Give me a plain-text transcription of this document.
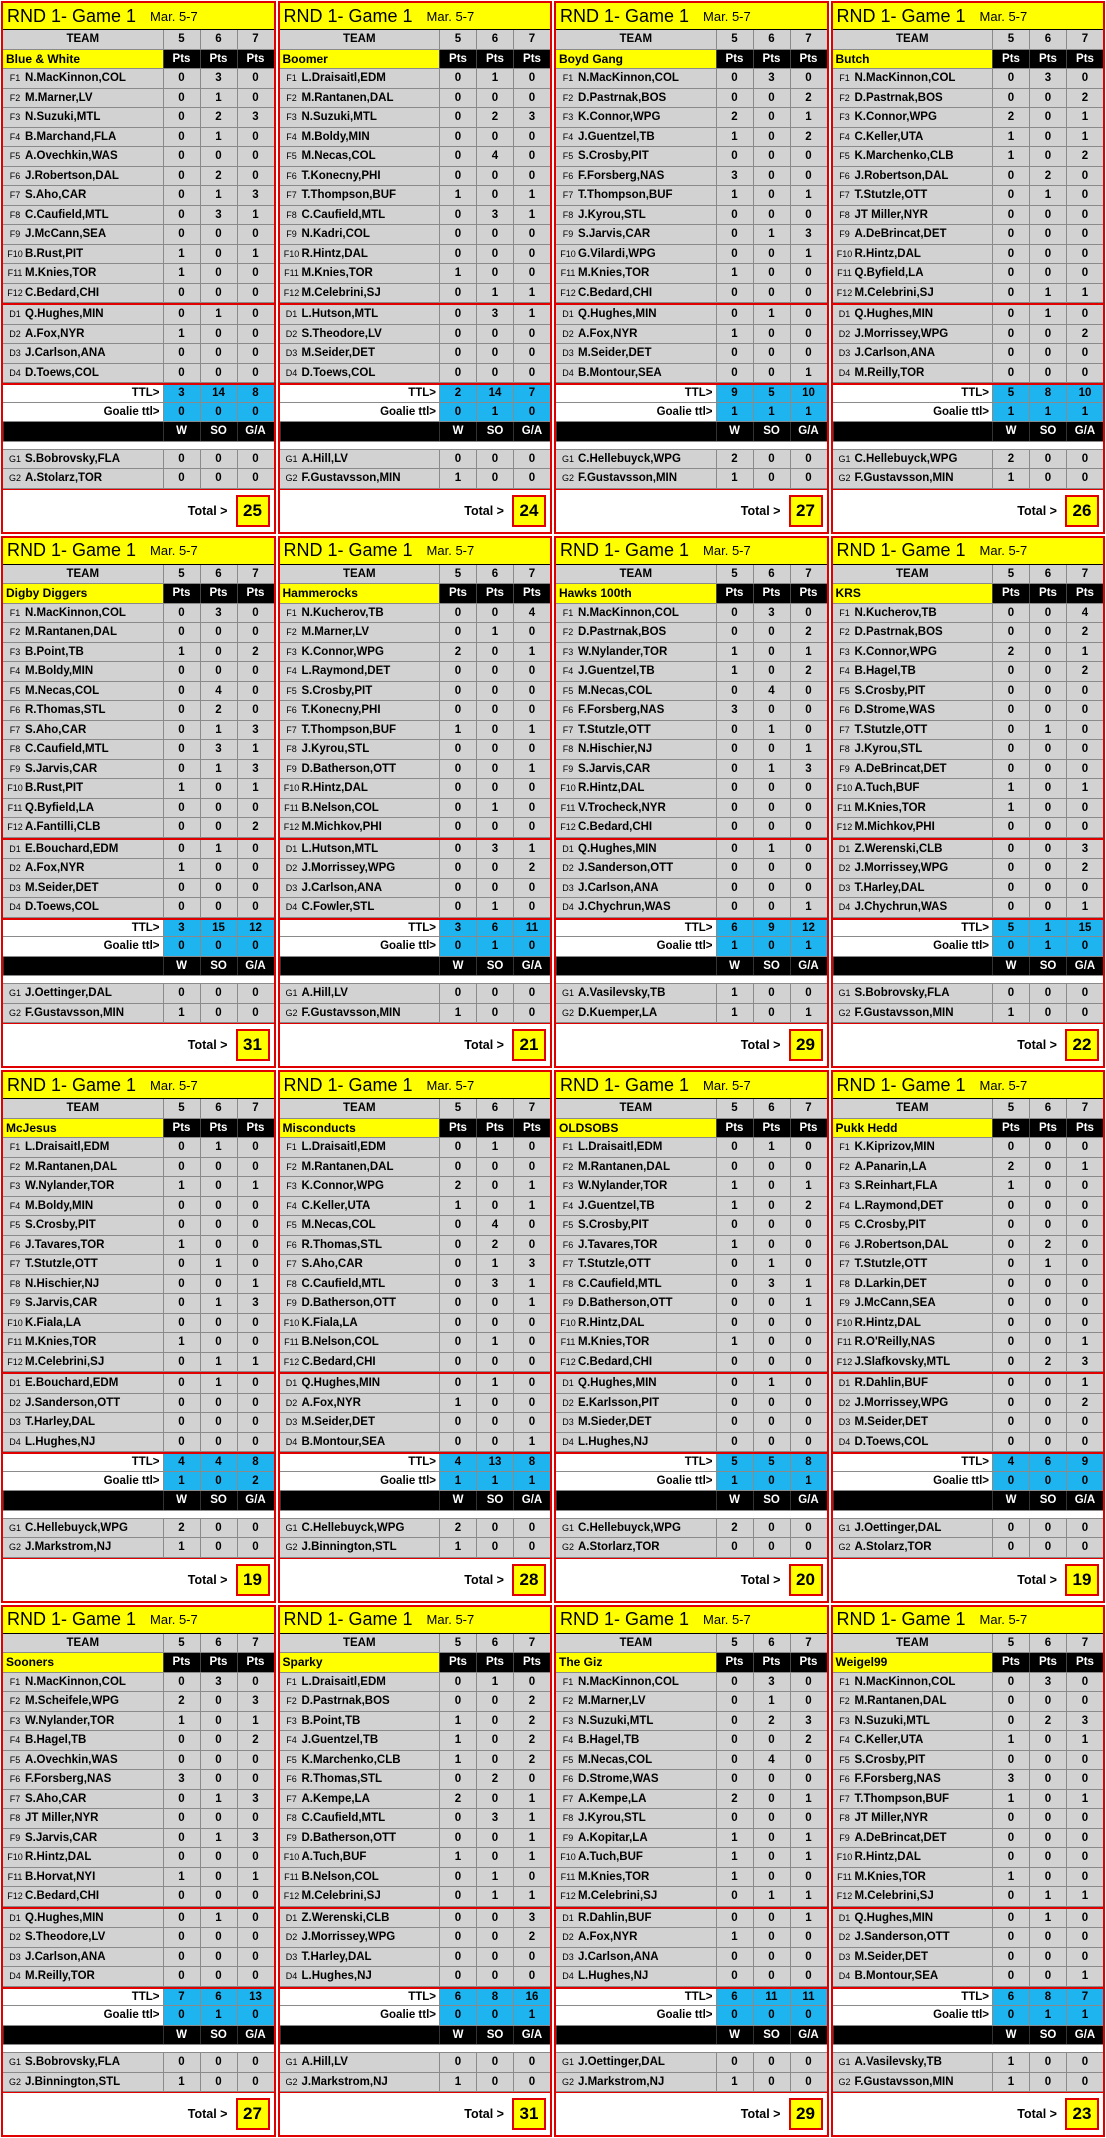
RND 1- Game 1 Mar. 5-7
TEAM	5	6	7
Blue & White	Pts	Pts	Pts
F1 N.MacKinnon,COL	0	3	0
F2 M.Marner,LV	0	1	0
F3 N.Suzuki,MTL	0	2	3
F4 B.Marchand,FLA	0	1	0
F5 A.Ovechkin,WAS	0	0	0
F6 J.Robertson,DAL	0	2	0
F7 S.Aho,CAR	0	1	3
F8 C.Caufield,MTL	0	3	1
F9 J.McCann,SEA	0	0	0
F10 B.Rust,PIT	1	0	1
F11 M.Knies,TOR	1	0	0
F12 C.Bedard,CHI	0	0	0
D1 Q.Hughes,MIN	0	1	0
D2 A.Fox,NYR	1	0	0
D3 J.Carlson,ANA	0	0	0
D4 D.Toews,COL	0	0	0
TTL>	3	14	8
Goalie ttl>	0	0	0
W	SO	G/A
G1 S.Bobrovsky,FLA	0	0	0
G2 A.Stolarz,TOR	0	0	0
Total > 25
RND 1- Game 1 Mar. 5-7
TEAM	5	6	7
Boomer	Pts	Pts	Pts
F1 L.Draisaitl,EDM	0	1	0
F2 M.Rantanen,DAL	0	0	0
F3 N.Suzuki,MTL	0	2	3
F4 M.Boldy,MIN	0	0	0
F5 M.Necas,COL	0	4	0
F6 T.Konecny,PHI	0	0	0
F7 T.Thompson,BUF	1	0	1
F8 C.Caufield,MTL	0	3	1
F9 N.Kadri,COL	0	0	0
F10 R.Hintz,DAL	0	0	0
F11 M.Knies,TOR	1	0	0
F12 M.Celebrini,SJ	0	1	1
D1 L.Hutson,MTL	0	3	1
D2 S.Theodore,LV	0	0	0
D3 M.Seider,DET	0	0	0
D4 D.Toews,COL	0	0	0
TTL>	2	14	7
Goalie ttl>	0	1	0
W	SO	G/A
G1 A.Hill,LV	0	0	0
G2 F.Gustavsson,MIN	1	0	0
Total > 24
RND 1- Game 1 Mar. 5-7
TEAM	5	6	7
Boyd Gang	Pts	Pts	Pts
F1 N.MacKinnon,COL	0	3	0
F2 D.Pastrnak,BOS	0	0	2
F3 K.Connor,WPG	2	0	1
F4 J.Guentzel,TB	1	0	2
F5 S.Crosby,PIT	0	0	0
F6 F.Forsberg,NAS	3	0	0
F7 T.Thompson,BUF	1	0	1
F8 J.Kyrou,STL	0	0	0
F9 S.Jarvis,CAR	0	1	3
F10 G.Vilardi,WPG	0	0	1
F11 M.Knies,TOR	1	0	0
F12 C.Bedard,CHI	0	0	0
D1 Q.Hughes,MIN	0	1	0
D2 A.Fox,NYR	1	0	0
D3 M.Seider,DET	0	0	0
D4 B.Montour,SEA	0	0	1
TTL>	9	5	10
Goalie ttl>	1	1	1
W	SO	G/A
G1 C.Hellebuyck,WPG	2	0	0
G2 F.Gustavsson,MIN	1	0	0
Total > 27
RND 1- Game 1 Mar. 5-7
TEAM	5	6	7
Butch	Pts	Pts	Pts
F1 N.MacKinnon,COL	0	3	0
F2 D.Pastrnak,BOS	0	0	2
F3 K.Connor,WPG	2	0	1
F4 C.Keller,UTA	1	0	1
F5 K.Marchenko,CLB	1	0	2
F6 J.Robertson,DAL	0	2	0
F7 T.Stutzle,OTT	0	1	0
F8 JT Miller,NYR	0	0	0
F9 A.DeBrincat,DET	0	0	0
F10 R.Hintz,DAL	0	0	0
F11 Q.Byfield,LA	0	0	0
F12 M.Celebrini,SJ	0	1	1
D1 Q.Hughes,MIN	0	1	0
D2 J.Morrissey,WPG	0	0	2
D3 J.Carlson,ANA	0	0	0
D4 M.Reilly,TOR	0	0	0
TTL>	5	8	10
Goalie ttl>	1	1	1
W	SO	G/A
G1 C.Hellebuyck,WPG	2	0	0
G2 F.Gustavsson,MIN	1	0	0
Total > 26
RND 1- Game 1 Mar. 5-7
TEAM	5	6	7
Digby Diggers	Pts	Pts	Pts
F1 N.MacKinnon,COL	0	3	0
F2 M.Rantanen,DAL	0	0	0
F3 B.Point,TB	1	0	2
F4 M.Boldy,MIN	0	0	0
F5 M.Necas,COL	0	4	0
F6 R.Thomas,STL	0	2	0
F7 S.Aho,CAR	0	1	3
F8 C.Caufield,MTL	0	3	1
F9 S.Jarvis,CAR	0	1	3
F10 B.Rust,PIT	1	0	1
F11 Q.Byfield,LA	0	0	0
F12 A.Fantilli,CLB	0	0	2
D1 E.Bouchard,EDM	0	1	0
D2 A.Fox,NYR	1	0	0
D3 M.Seider,DET	0	0	0
D4 D.Toews,COL	0	0	0
TTL>	3	15	12
Goalie ttl>	0	0	0
W	SO	G/A
G1 J.Oettinger,DAL	0	0	0
G2 F.Gustavsson,MIN	1	0	0
Total > 31
RND 1- Game 1 Mar. 5-7
TEAM	5	6	7
Hammerocks	Pts	Pts	Pts
F1 N.Kucherov,TB	0	0	4
F2 M.Marner,LV	0	1	0
F3 K.Connor,WPG	2	0	1
F4 L.Raymond,DET	0	0	0
F5 S.Crosby,PIT	0	0	0
F6 T.Konecny,PHI	0	0	0
F7 T.Thompson,BUF	1	0	1
F8 J.Kyrou,STL	0	0	0
F9 D.Batherson,OTT	0	0	1
F10 R.Hintz,DAL	0	0	0
F11 B.Nelson,COL	0	1	0
F12 M.Michkov,PHI	0	0	0
D1 L.Hutson,MTL	0	3	1
D2 J.Morrissey,WPG	0	0	2
D3 J.Carlson,ANA	0	0	0
D4 C.Fowler,STL	0	1	0
TTL>	3	6	11
Goalie ttl>	0	1	0
W	SO	G/A
G1 A.Hill,LV	0	0	0
G2 F.Gustavsson,MIN	1	0	0
Total > 21
RND 1- Game 1 Mar. 5-7
TEAM	5	6	7
Hawks 100th	Pts	Pts	Pts
F1 N.MacKinnon,COL	0	3	0
F2 D.Pastrnak,BOS	0	0	2
F3 W.Nylander,TOR	1	0	1
F4 J.Guentzel,TB	1	0	2
F5 M.Necas,COL	0	4	0
F6 F.Forsberg,NAS	3	0	0
F7 T.Stutzle,OTT	0	1	0
F8 N.Hischier,NJ	0	0	1
F9 S.Jarvis,CAR	0	1	3
F10 R.Hintz,DAL	0	0	0
F11 V.Trocheck,NYR	0	0	0
F12 C.Bedard,CHI	0	0	0
D1 Q.Hughes,MIN	0	1	0
D2 J.Sanderson,OTT	0	0	0
D3 J.Carlson,ANA	0	0	0
D4 J.Chychrun,WAS	0	0	1
TTL>	6	9	12
Goalie ttl>	1	0	1
W	SO	G/A
G1 A.Vasilevsky,TB	1	0	0
G2 D.Kuemper,LA	1	0	1
Total > 29
RND 1- Game 1 Mar. 5-7
TEAM	5	6	7
KRS	Pts	Pts	Pts
F1 N.Kucherov,TB	0	0	4
F2 D.Pastrnak,BOS	0	0	2
F3 K.Connor,WPG	2	0	1
F4 B.Hagel,TB	0	0	2
F5 S.Crosby,PIT	0	0	0
F6 D.Strome,WAS	0	0	0
F7 T.Stutzle,OTT	0	1	0
F8 J.Kyrou,STL	0	0	0
F9 A.DeBrincat,DET	0	0	0
F10 A.Tuch,BUF	1	0	1
F11 M.Knies,TOR	1	0	0
F12 M.Michkov,PHI	0	0	0
D1 Z.Werenski,CLB	0	0	3
D2 J.Morrissey,WPG	0	0	2
D3 T.Harley,DAL	0	0	0
D4 J.Chychrun,WAS	0	0	1
TTL>	5	1	15
Goalie ttl>	0	1	0
W	SO	G/A
G1 S.Bobrovsky,FLA	0	0	0
G2 F.Gustavsson,MIN	1	0	0
Total > 22
RND 1- Game 1 Mar. 5-7
TEAM	5	6	7
McJesus	Pts	Pts	Pts
F1 L.Draisaitl,EDM	0	1	0
F2 M.Rantanen,DAL	0	0	0
F3 W.Nylander,TOR	1	0	1
F4 M.Boldy,MIN	0	0	0
F5 S.Crosby,PIT	0	0	0
F6 J.Tavares,TOR	1	0	0
F7 T.Stutzle,OTT	0	1	0
F8 N.Hischier,NJ	0	0	1
F9 S.Jarvis,CAR	0	1	3
F10 K.Fiala,LA	0	0	0
F11 M.Knies,TOR	1	0	0
F12 M.Celebrini,SJ	0	1	1
D1 E.Bouchard,EDM	0	1	0
D2 J.Sanderson,OTT	0	0	0
D3 T.Harley,DAL	0	0	0
D4 L.Hughes,NJ	0	0	0
TTL>	4	4	8
Goalie ttl>	1	0	2
W	SO	G/A
G1 C.Hellebuyck,WPG	2	0	0
G2 J.Markstrom,NJ	1	0	0
Total > 19
RND 1- Game 1 Mar. 5-7
TEAM	5	6	7
Misconducts	Pts	Pts	Pts
F1 L.Draisaitl,EDM	0	1	0
F2 M.Rantanen,DAL	0	0	0
F3 K.Connor,WPG	2	0	1
F4 C.Keller,UTA	1	0	1
F5 M.Necas,COL	0	4	0
F6 R.Thomas,STL	0	2	0
F7 S.Aho,CAR	0	1	3
F8 C.Caufield,MTL	0	3	1
F9 D.Batherson,OTT	0	0	1
F10 K.Fiala,LA	0	0	0
F11 B.Nelson,COL	0	1	0
F12 C.Bedard,CHI	0	0	0
D1 Q.Hughes,MIN	0	1	0
D2 A.Fox,NYR	1	0	0
D3 M.Seider,DET	0	0	0
D4 B.Montour,SEA	0	0	1
TTL>	4	13	8
Goalie ttl>	1	1	1
W	SO	G/A
G1 C.Hellebuyck,WPG	2	0	0
G2 J.Binnington,STL	1	0	0
Total > 28
RND 1- Game 1 Mar. 5-7
TEAM	5	6	7
OLDSOBS	Pts	Pts	Pts
F1 L.Draisaitl,EDM	0	1	0
F2 M.Rantanen,DAL	0	0	0
F3 W.Nylander,TOR	1	0	1
F4 J.Guentzel,TB	1	0	2
F5 S.Crosby,PIT	0	0	0
F6 J.Tavares,TOR	1	0	0
F7 T.Stutzle,OTT	0	1	0
F8 C.Caufield,MTL	0	3	1
F9 D.Batherson,OTT	0	0	1
F10 R.Hintz,DAL	0	0	0
F11 M.Knies,TOR	1	0	0
F12 C.Bedard,CHI	0	0	0
D1 Q.Hughes,MIN	0	1	0
D2 E.Karlsson,PIT	0	0	0
D3 M.Sieder,DET	0	0	0
D4 L.Hughes,NJ	0	0	0
TTL>	5	5	8
Goalie ttl>	1	0	1
W	SO	G/A
G1 C.Hellebuyck,WPG	2	0	0
G2 A.Storlarz,TOR	0	0	0
Total > 20
RND 1- Game 1 Mar. 5-7
TEAM	5	6	7
Pukk Hedd	Pts	Pts	Pts
F1 K.Kiprizov,MIN	0	0	0
F2 A.Panarin,LA	2	0	1
F3 S.Reinhart,FLA	1	0	0
F4 L.Raymond,DET	0	0	0
F5 C.Crosby,PIT	0	0	0
F6 J.Robertson,DAL	0	2	0
F7 T.Stutzle,OTT	0	1	0
F8 D.Larkin,DET	0	0	0
F9 J.McCann,SEA	0	0	0
F10 R.Hintz,DAL	0	0	0
F11 R.O'Reilly,NAS	0	0	1
F12 J.Slafkovsky,MTL	0	2	3
D1 R.Dahlin,BUF	0	0	1
D2 J.Morrissey,WPG	0	0	2
D3 M.Seider,DET	0	0	0
D4 D.Toews,COL	0	0	0
TTL>	4	6	9
Goalie ttl>	0	0	0
W	SO	G/A
G1 J.Oettinger,DAL	0	0	0
G2 A.Stolarz,TOR	0	0	0
Total > 19
RND 1- Game 1 Mar. 5-7
TEAM	5	6	7
Sooners	Pts	Pts	Pts
F1 N.MacKinnon,COL	0	3	0
F2 M.Scheifele,WPG	2	0	3
F3 W.Nylander,TOR	1	0	1
F4 B.Hagel,TB	0	0	2
F5 A.Ovechkin,WAS	0	0	0
F6 F.Forsberg,NAS	3	0	0
F7 S.Aho,CAR	0	1	3
F8 JT Miller,NYR	0	0	0
F9 S.Jarvis,CAR	0	1	3
F10 R.Hintz,DAL	0	0	0
F11 B.Horvat,NYI	1	0	1
F12 C.Bedard,CHI	0	0	0
D1 Q.Hughes,MIN	0	1	0
D2 S.Theodore,LV	0	0	0
D3 J.Carlson,ANA	0	0	0
D4 M.Reilly,TOR	0	0	0
TTL>	7	6	13
Goalie ttl>	0	1	0
W	SO	G/A
G1 S.Bobrovsky,FLA	0	0	0
G2 J.Binnington,STL	1	0	0
Total > 27
RND 1- Game 1 Mar. 5-7
TEAM	5	6	7
Sparky	Pts	Pts	Pts
F1 L.Draisaitl,EDM	0	1	0
F2 D.Pastrnak,BOS	0	0	2
F3 B.Point,TB	1	0	2
F4 J.Guentzel,TB	1	0	2
F5 K.Marchenko,CLB	1	0	2
F6 R.Thomas,STL	0	2	0
F7 A.Kempe,LA	2	0	1
F8 C.Caufield,MTL	0	3	1
F9 D.Batherson,OTT	0	0	1
F10 A.Tuch,BUF	1	0	1
F11 B.Nelson,COL	0	1	0
F12 M.Celebrini,SJ	0	1	1
D1 Z.Werenski,CLB	0	0	3
D2 J.Morrissey,WPG	0	0	2
D3 T.Harley,DAL	0	0	0
D4 L.Hughes,NJ	0	0	0
TTL>	6	8	16
Goalie ttl>	0	0	1
W	SO	G/A
G1 A.Hill,LV	0	0	0
G2 J.Markstrom,NJ	1	0	0
Total > 31
RND 1- Game 1 Mar. 5-7
TEAM	5	6	7
The Giz	Pts	Pts	Pts
F1 N.MacKinnon,COL	0	3	0
F2 M.Marner,LV	0	1	0
F3 N.Suzuki,MTL	0	2	3
F4 B.Hagel,TB	0	0	2
F5 M.Necas,COL	0	4	0
F6 D.Strome,WAS	0	0	0
F7 A.Kempe,LA	2	0	1
F8 J.Kyrou,STL	0	0	0
F9 A.Kopitar,LA	1	0	1
F10 A.Tuch,BUF	1	0	1
F11 M.Knies,TOR	1	0	0
F12 M.Celebrini,SJ	0	1	1
D1 R.Dahlin,BUF	0	0	1
D2 A.Fox,NYR	1	0	0
D3 J.Carlson,ANA	0	0	0
D4 L.Hughes,NJ	0	0	0
TTL>	6	11	11
Goalie ttl>	0	0	0
W	SO	G/A
G1 J.Oettinger,DAL	0	0	0
G2 J.Markstrom,NJ	1	0	0
Total > 29
RND 1- Game 1 Mar. 5-7
TEAM	5	6	7
Weigel99	Pts	Pts	Pts
F1 N.MacKinnon,COL	0	3	0
F2 M.Rantanen,DAL	0	0	0
F3 N.Suzuki,MTL	0	2	3
F4 C.Keller,UTA	1	0	1
F5 S.Crosby,PIT	0	0	0
F6 F.Forsberg,NAS	3	0	0
F7 T.Thompson,BUF	1	0	1
F8 JT Miller,NYR	0	0	0
F9 A.DeBrincat,DET	0	0	0
F10 R.Hintz,DAL	0	0	0
F11 M.Knies,TOR	1	0	0
F12 M.Celebrini,SJ	0	1	1
D1 Q.Hughes,MIN	0	1	0
D2 J.Sanderson,OTT	0	0	0
D3 M.Seider,DET	0	0	0
D4 B.Montour,SEA	0	0	1
TTL>	6	8	7
Goalie ttl>	0	1	1
W	SO	G/A
G1 A.Vasilevsky,TB	1	0	0
G2 F.Gustavsson,MIN	1	0	0
Total > 23
